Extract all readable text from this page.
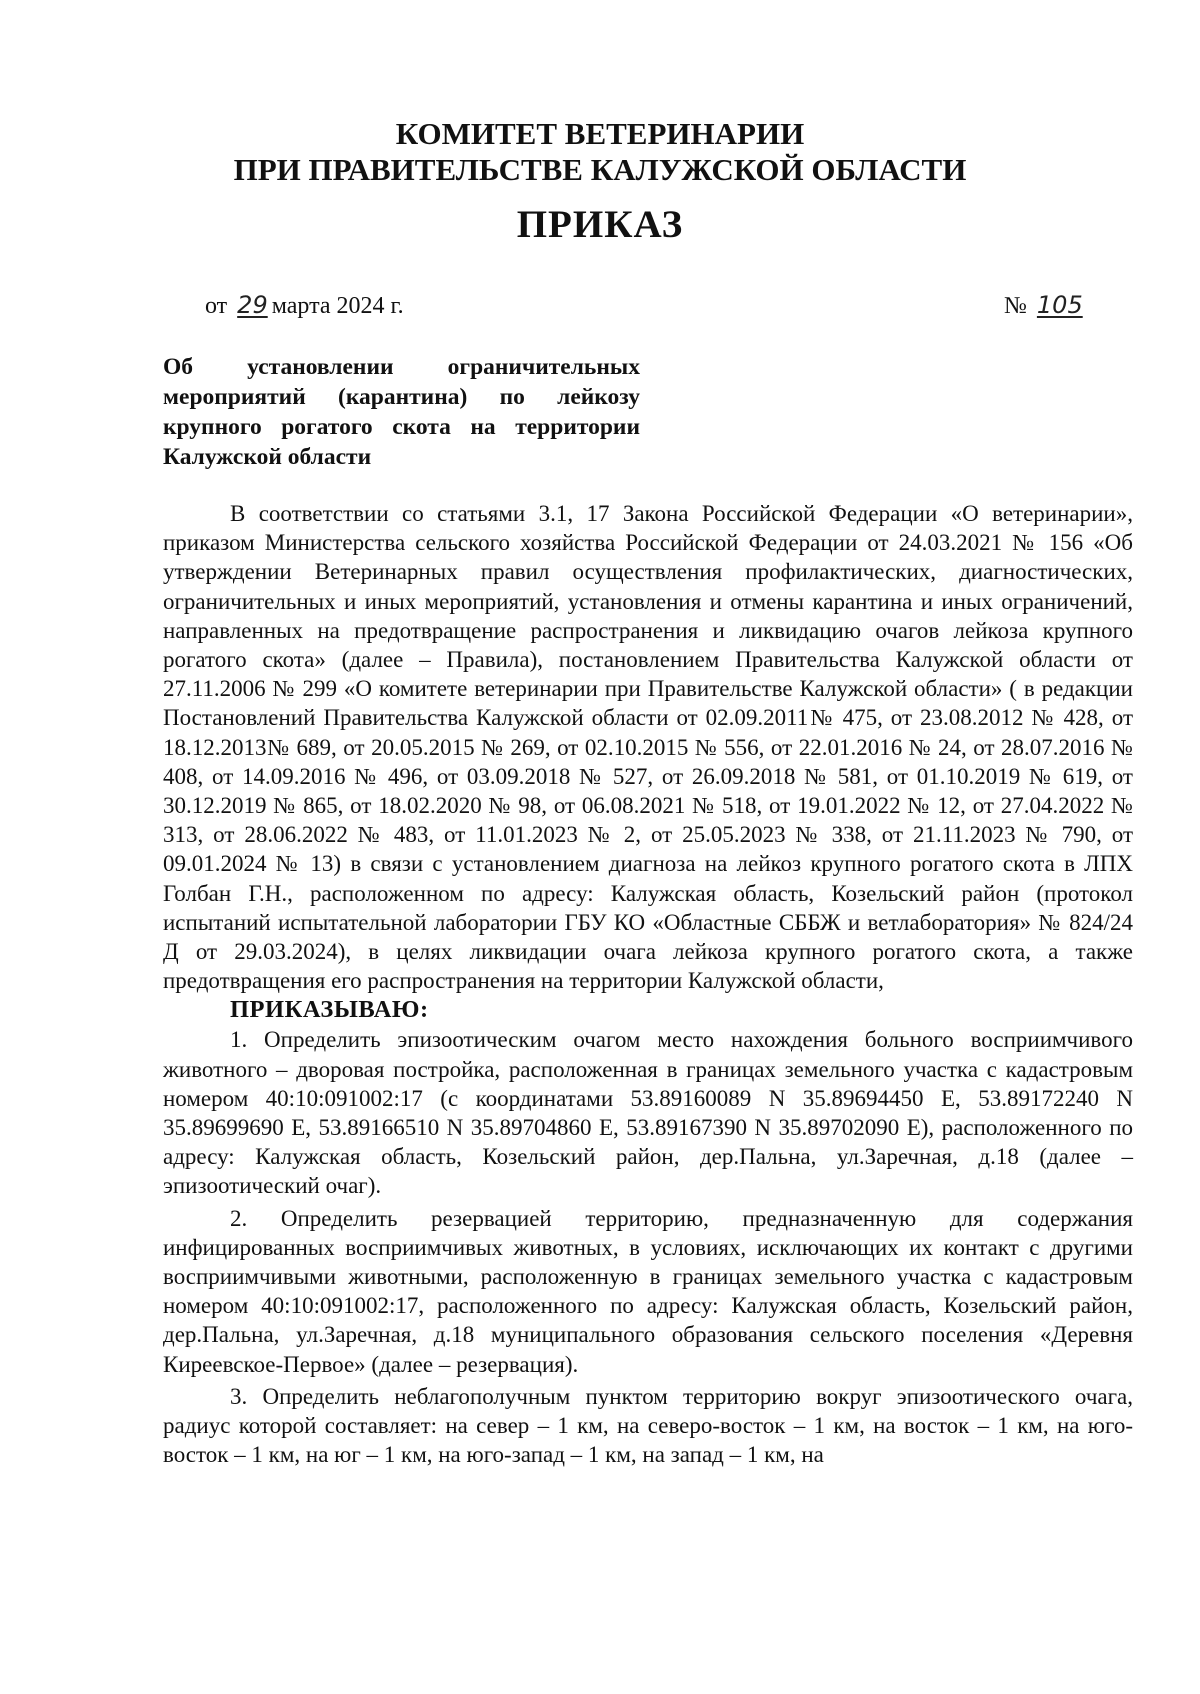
КОМИТЕТ ВЕТЕРИНАРИИ
ПРИ ПРАВИТЕЛЬСТВЕ КАЛУЖСКОЙ ОБЛАСТИ
ПРИКАЗ
от 29 марта 2024 г.	№ 105
Об установлении ограничительных
мероприятий (карантина) по лейкозу
крупного рогатого скота на территории
Калужской области

В соответствии со статьями 3.1, 17 Закона Российской Федерации «О ветеринарии», приказом Министерства сельского хозяйства Российской Федерации от 24.03.2021 № 156 «Об утверждении Ветеринарных правил осуществления профилактических, диагностических, ограничительных и иных мероприятий, установления и отмены карантина и иных ограничений, направленных на предотвращение распространения и ликвидацию очагов лейкоза крупного рогатого скота» (далее – Правила), постановлением Правительства Калужской области от 27.11.2006 № 299 «О комитете ветеринарии при Правительстве Калужской области» ( в редакции Постановлений Правительства Калужской области от 02.09.2011№ 475, от 23.08.2012 № 428, от 18.12.2013№ 689, от 20.05.2015 № 269, от 02.10.2015 № 556, от 22.01.2016 № 24, от 28.07.2016 № 408, от 14.09.2016 № 496, от 03.09.2018 № 527, от 26.09.2018 № 581, от 01.10.2019 № 619, от 30.12.2019 № 865, от 18.02.2020 № 98, от 06.08.2021 № 518, от 19.01.2022 № 12, от 27.04.2022 № 313, от 28.06.2022 № 483, от 11.01.2023 № 2, от 25.05.2023 № 338, от 21.11.2023 № 790, от 09.01.2024 № 13) в связи с установлением диагноза на лейкоз крупного рогатого скота в ЛПХ Голбан Г.Н., расположенном по адресу: Калужская область, Козельский район (протокол испытаний испытательной лаборатории ГБУ КО «Областные СББЖ и ветлаборатория» № 824/24 Д от 29.03.2024), в целях ликвидации очага лейкоза крупного рогатого скота, а также предотвращения его распространения на территории Калужской области,

ПРИКАЗЫВАЮ:

1. Определить эпизоотическим очагом место нахождения больного восприимчивого животного – дворовая постройка, расположенная в границах земельного участка с кадастровым номером 40:10:091002:17 (с координатами 53.89160089 N 35.89694450 E, 53.89172240 N 35.89699690 E, 53.89166510 N 35.89704860 E, 53.89167390 N 35.89702090 E), расположенного по адресу: Калужская область, Козельский район, дер.Пальна, ул.Заречная, д.18 (далее – эпизоотический очаг).

2. Определить резервацией территорию, предназначенную для содержания инфицированных восприимчивых животных, в условиях, исключающих их контакт с другими восприимчивыми животными, расположенную в границах земельного участка с кадастровым номером 40:10:091002:17, расположенного по адресу: Калужская область, Козельский район, дер.Пальна, ул.Заречная, д.18 муниципального образования сельского поселения «Деревня Киреевское-Первое» (далее – резервация).

3. Определить неблагополучным пунктом территорию вокруг эпизоотического очага, радиус которой составляет: на север – 1 км, на северо-восток – 1 км, на восток – 1 км, на юго-восток – 1 км, на юг – 1 км, на юго-запад – 1 км, на запад – 1 км, на
